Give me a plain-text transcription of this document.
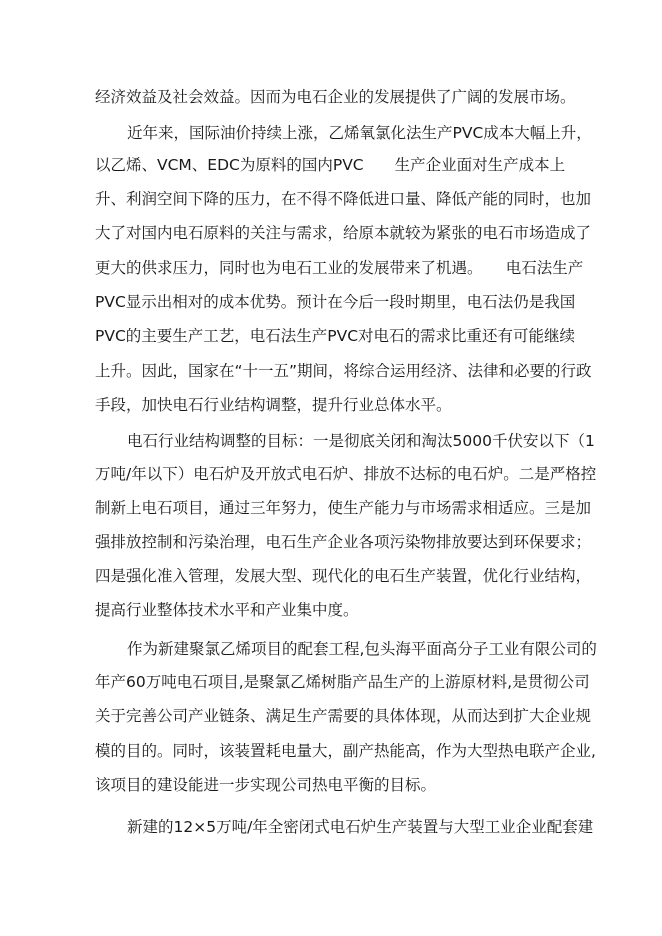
经济效益及社会效益。因而为电石企业的发展提供了广阔的发展市场。
近年来，国际油价持续上涨，乙烯氧氯化法生产PVC成本大幅上升，
以乙烯、VCM、EDC为原料的国内PVC　　生产企业面对生产成本上
升、利润空间下降的压力，在不得不降低进口量、降低产能的同时，也加
大了对国内电石原料的关注与需求，给原本就较为紧张的电石市场造成了
更大的供求压力，同时也为电石工业的发展带来了机遇。　　电石法生产
PVC显示出相对的成本优势。预计在今后一段时期里，电石法仍是我国
PVC的主要生产工艺，电石法生产PVC对电石的需求比重还有可能继续
上升。因此，国家在“十一五”期间，将综合运用经济、法律和必要的行政
手段，加快电石行业结构调整，提升行业总体水平。
电石行业结构调整的目标：一是彻底关闭和淘汰5000千伏安以下（1
万吨/年以下）电石炉及开放式电石炉、排放不达标的电石炉。二是严格控
制新上电石项目，通过三年努力，使生产能力与市场需求相适应。三是加
强排放控制和污染治理，电石生产企业各项污染物排放要达到环保要求；
四是强化准入管理，发展大型、现代化的电石生产装置，优化行业结构，
提高行业整体技术水平和产业集中度。
作为新建聚氯乙烯项目的配套工程,包头海平面高分子工业有限公司的
年产60万吨电石项目,是聚氯乙烯树脂产品生产的上游原材料,是贯彻公司
关于完善公司产业链条、满足生产需要的具体体现，从而达到扩大企业规
模的目的。同时，该装置耗电量大，副产热能高，作为大型热电联产企业,
该项目的建设能进一步实现公司热电平衡的目标。
新建的12×5万吨/年全密闭式电石炉生产装置与大型工业企业配套建
